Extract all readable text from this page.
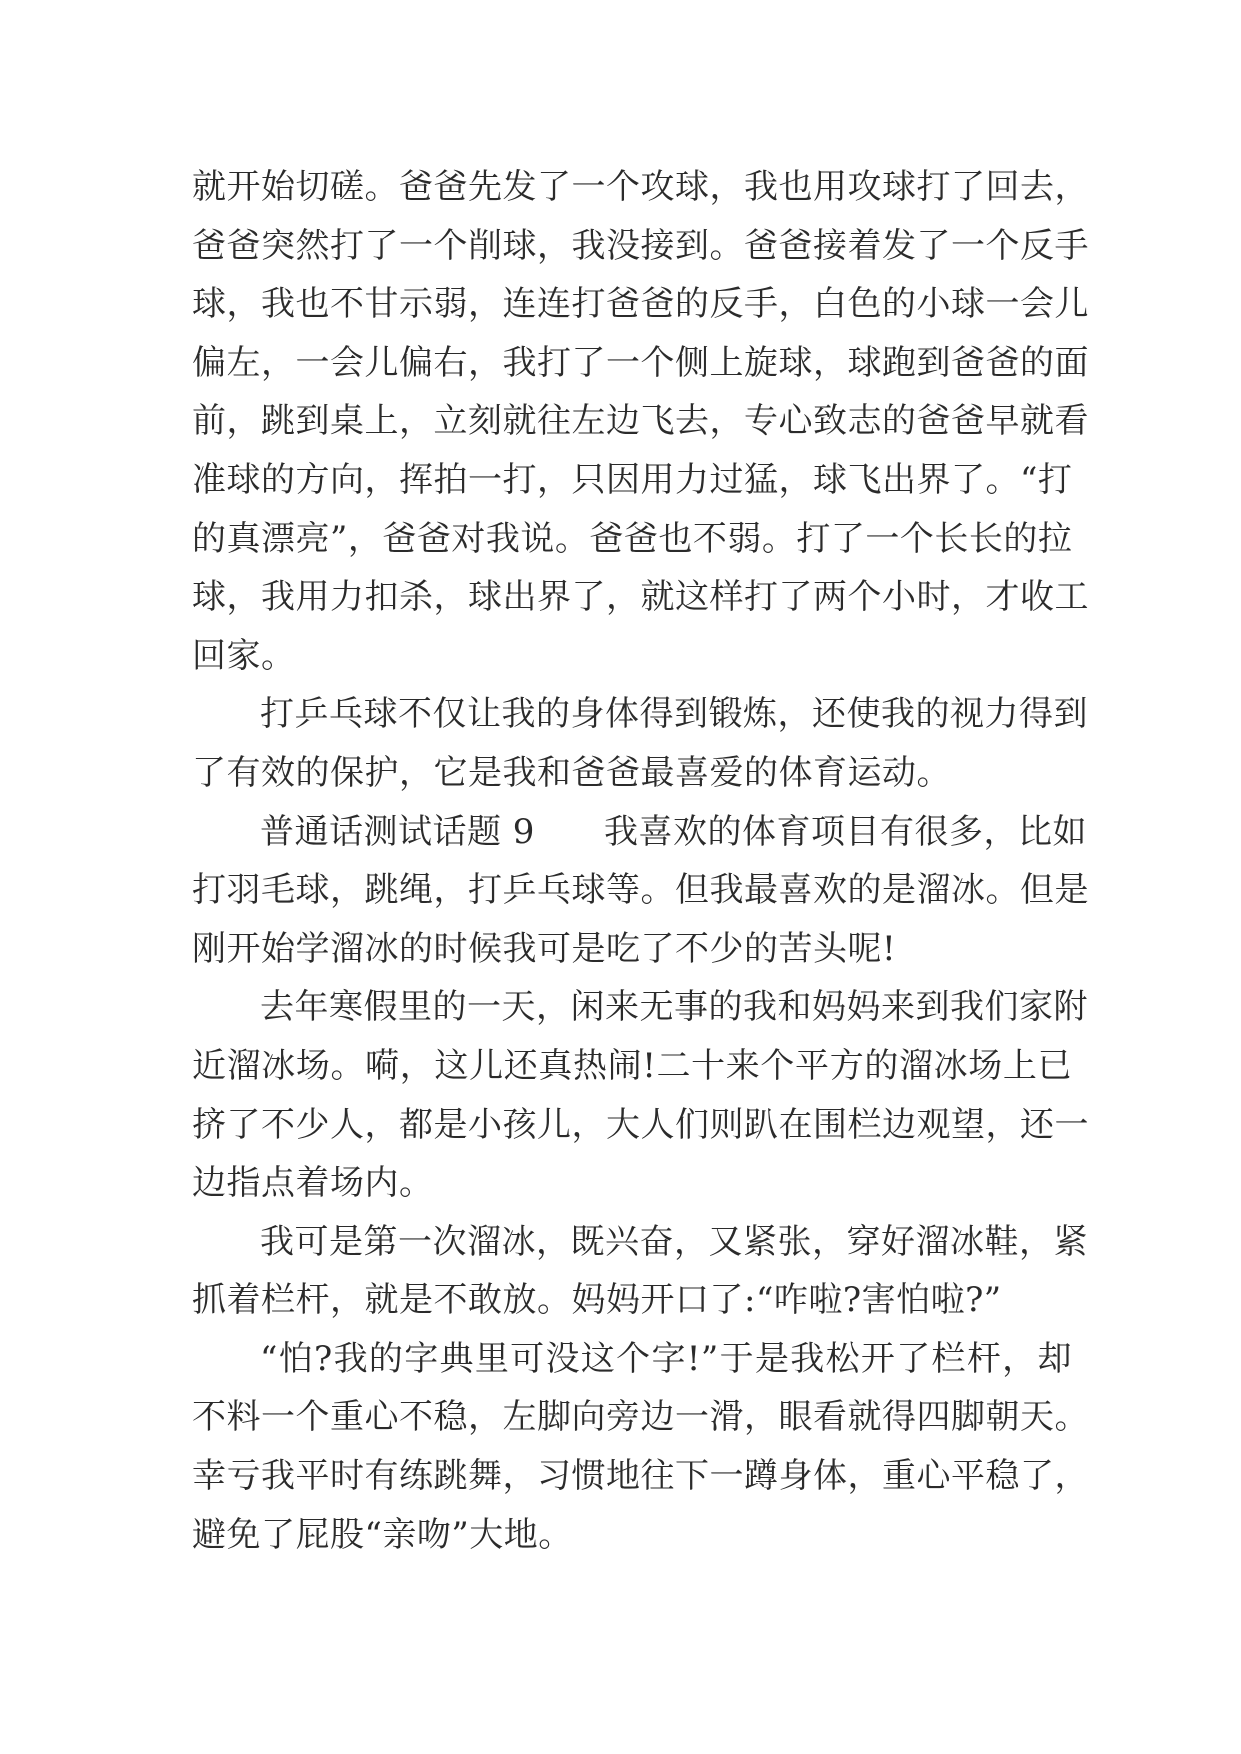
就开始切磋。爸爸先发了一个攻球，我也用攻球打了回去，
爸爸突然打了一个削球，我没接到。爸爸接着发了一个反手
球，我也不甘示弱，连连打爸爸的反手，白色的小球一会儿
偏左，一会儿偏右，我打了一个侧上旋球，球跑到爸爸的面
前，跳到桌上，立刻就往左边飞去，专心致志的爸爸早就看
准球的方向，挥拍一打，只因用力过猛，球飞出界了。“打
的真漂亮”，爸爸对我说。爸爸也不弱。打了一个长长的拉
球，我用力扣杀，球出界了，就这样打了两个小时，才收工
回家。
打乒乓球不仅让我的身体得到锻炼，还使我的视力得到
了有效的保护，它是我和爸爸最喜爱的体育运动。
普通话测试话题 9　　我喜欢的体育项目有很多，比如
打羽毛球，跳绳，打乒乓球等。但我最喜欢的是溜冰。但是
刚开始学溜冰的时候我可是吃了不少的苦头呢!
去年寒假里的一天，闲来无事的我和妈妈来到我们家附
近溜冰场。嗬，这儿还真热闹!二十来个平方的溜冰场上已
挤了不少人，都是小孩儿，大人们则趴在围栏边观望，还一
边指点着场内。
我可是第一次溜冰，既兴奋，又紧张，穿好溜冰鞋，紧
抓着栏杆，就是不敢放。妈妈开口了:“咋啦?害怕啦?”
“怕?我的字典里可没这个字!”于是我松开了栏杆，却
不料一个重心不稳，左脚向旁边一滑，眼看就得四脚朝天。
幸亏我平时有练跳舞，习惯地往下一蹲身体，重心平稳了，
避免了屁股“亲吻”大地。
